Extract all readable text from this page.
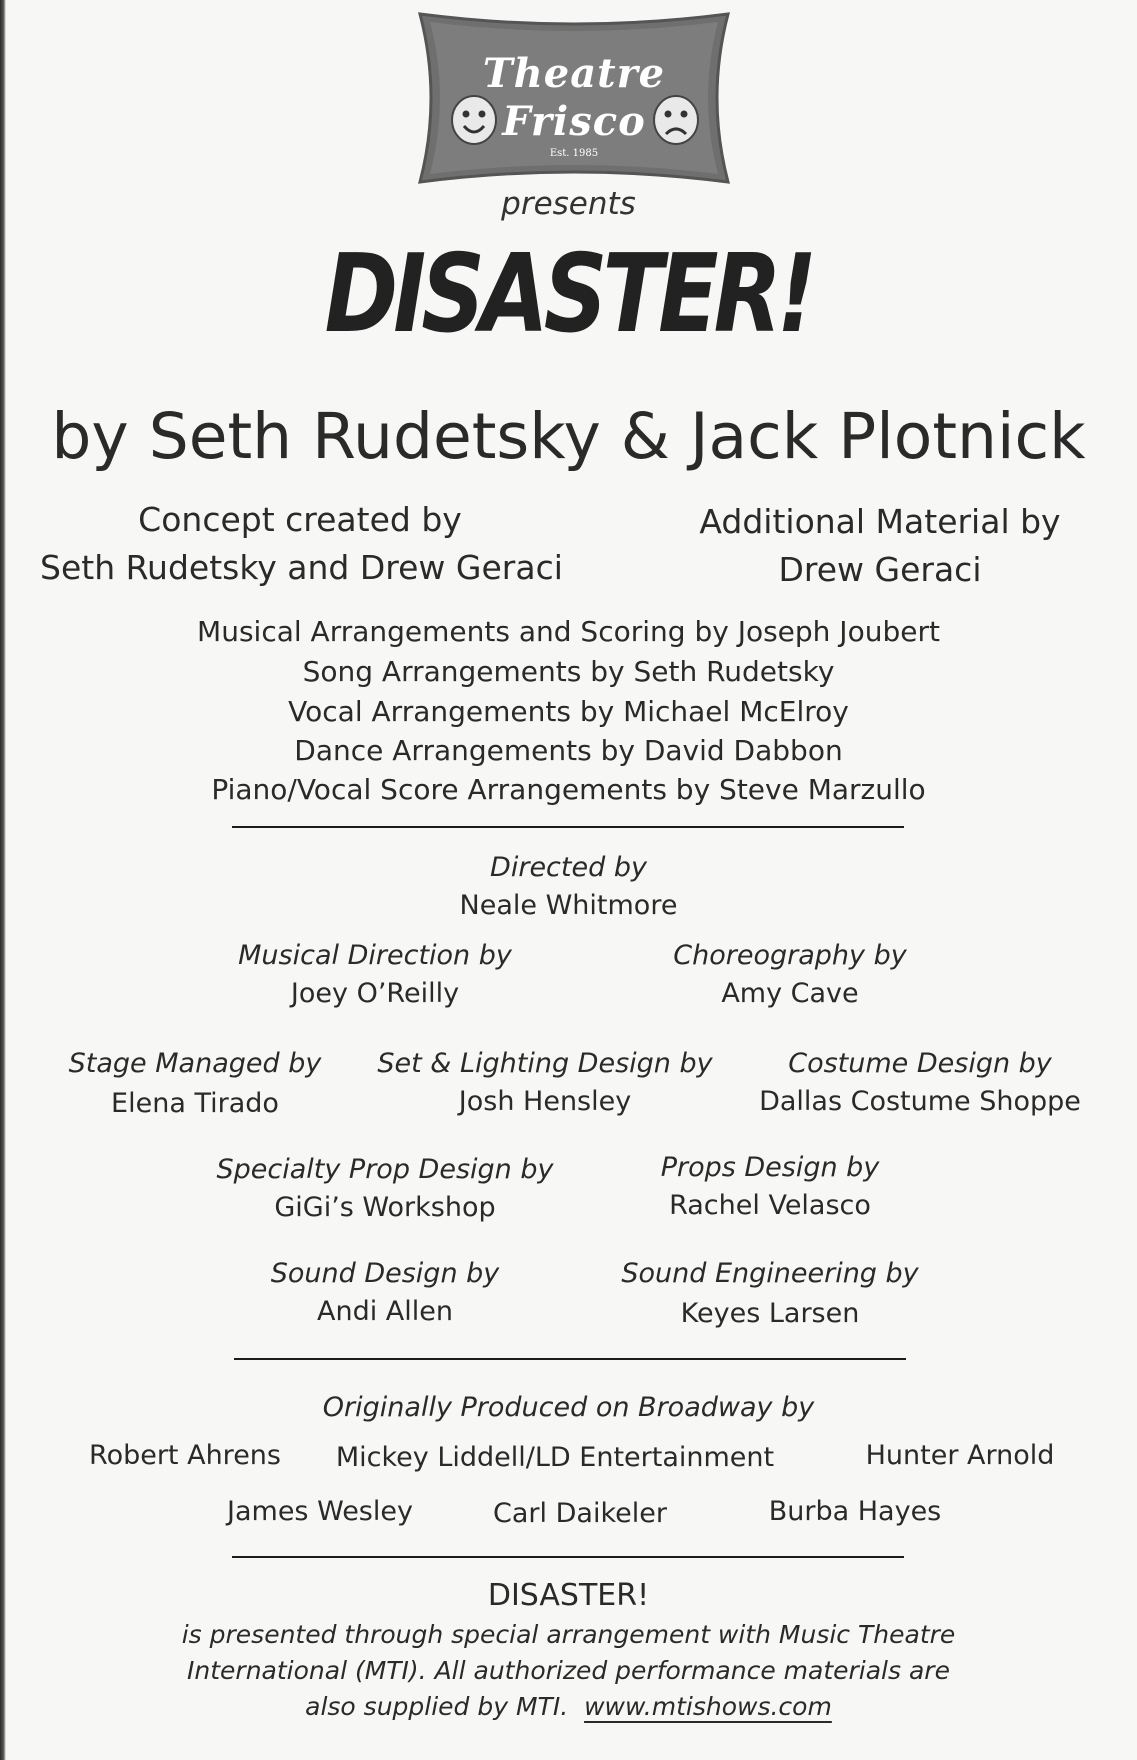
Theatre
Frisco
Est. 1985
presents
DISASTER!
by Seth Rudetsky & Jack Plotnick
Concept created by
Seth Rudetsky and Drew Geraci
Additional Material by
Drew Geraci
Musical Arrangements and Scoring by Joseph Joubert
Song Arrangements by Seth Rudetsky
Vocal Arrangements by Michael McElroy
Dance Arrangements by David Dabbon
Piano/Vocal Score Arrangements by Steve Marzullo
Directed by
Neale Whitmore
Musical Direction by
Joey O’Reilly
Choreography by
Amy Cave
Stage Managed by
Elena Tirado
Set & Lighting Design by
Josh Hensley
Costume Design by
Dallas Costume Shoppe
Specialty Prop Design by
GiGi’s Workshop
Props Design by
Rachel Velasco
Sound Design by
Andi Allen
Sound Engineering by
Keyes Larsen
Originally Produced on Broadway by
Robert Ahrens	Mickey Liddell/LD Entertainment	Hunter Arnold
James Wesley	Carl Daikeler	Burba Hayes
DISASTER!
is presented through special arrangement with Music Theatre
International (MTI). All authorized performance materials are
also supplied by MTI. www.mtishows.com
